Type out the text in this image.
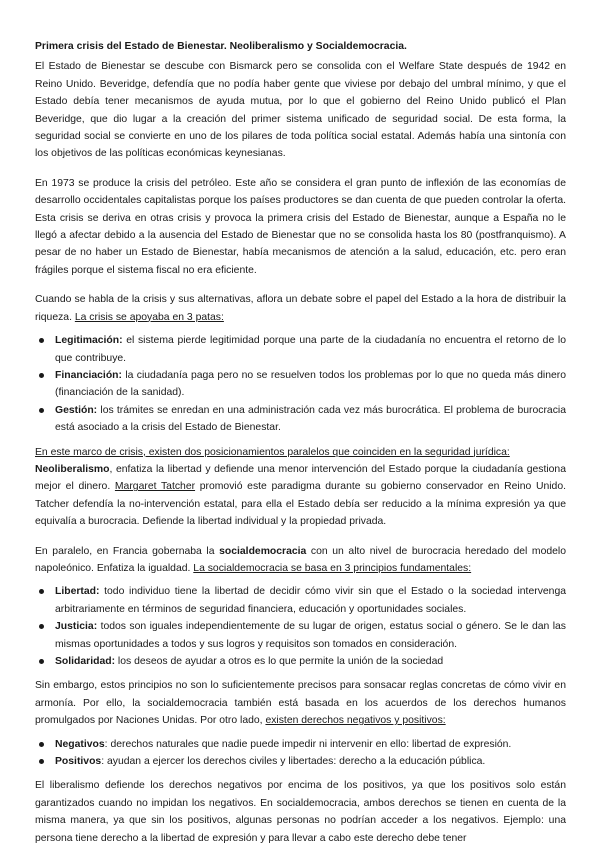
Primera crisis del Estado de Bienestar. Neoliberalismo y Socialdemocracia.

El Estado de Bienestar se descube con Bismarck pero se consolida con el Welfare State después de 1942 en Reino Unido. Beveridge, defendía que no podía haber gente que viviese por debajo del umbral mínimo, y que el Estado debía tener mecanismos de ayuda mutua, por lo que el gobierno del Reino Unido publicó el Plan Beveridge, que dio lugar a la creación del primer sistema unificado de seguridad social. De esta forma, la seguridad social se convierte en uno de los pilares de toda política social estatal. Además había una sintonía con los objetivos de las políticas económicas keynesianas.

En 1973 se produce la crisis del petróleo. Este año se considera el gran punto de inflexión de las economías de desarrollo occidentales capitalistas porque los países productores se dan cuenta de que pueden controlar la oferta. Esta crisis se deriva en otras crisis y provoca la primera crisis del Estado de Bienestar, aunque a España no le llegó a afectar debido a la ausencia del Estado de Bienestar que no se consolida hasta los 80 (postfranquismo). A pesar de no haber un Estado de Bienestar, había mecanismos de atención a la salud, educación, etc. pero eran frágiles porque el sistema fiscal no era eficiente.

Cuando se habla de la crisis y sus alternativas, aflora un debate sobre el papel del Estado a la hora de distribuir la riqueza. La crisis se apoyaba en 3 patas:

Legitimación: el sistema pierde legitimidad porque una parte de la ciudadanía no encuentra el retorno de lo que contribuye.
Financiación: la ciudadanía paga pero no se resuelven todos los problemas por lo que no queda más dinero (financiación de la sanidad).
Gestión: los trámites se enredan en una administración cada vez más burocrática. El problema de burocracia está asociado a la crisis del Estado de Bienestar.

En este marco de crisis, existen dos posicionamientos paralelos que coinciden en la seguridad jurídica:

Neoliberalismo, enfatiza la libertad y defiende una menor intervención del Estado porque la ciudadanía gestiona mejor el dinero. Margaret Tatcher promovió este paradigma durante su gobierno conservador en Reino Unido. Tatcher defendía la no-intervención estatal, para ella el Estado debía ser reducido a la mínima expresión ya que equivalía a burocracia. Defiende la libertad individual y la propiedad privada.

En paralelo, en Francia gobernaba la socialdemocracia con un alto nivel de burocracia heredado del modelo napoleónico. Enfatiza la igualdad. La socialdemocracia se basa en 3 principios fundamentales:

Libertad: todo individuo tiene la libertad de decidir cómo vivir sin que el Estado o la sociedad intervenga arbitrariamente en términos de seguridad financiera, educación y oportunidades sociales.
Justicia: todos son iguales independientemente de su lugar de origen, estatus social o género. Se le dan las mismas oportunidades a todos y sus logros y requisitos son tomados en consideración.
Solidaridad: los deseos de ayudar a otros es lo que permite la unión de la sociedad

Sin embargo, estos principios no son lo suficientemente precisos para sonsacar reglas concretas de cómo vivir en armonía. Por ello, la socialdemocracia también está basada en los acuerdos de los derechos humanos promulgados por Naciones Unidas. Por otro lado, existen derechos negativos y positivos:

Negativos: derechos naturales que nadie puede impedir ni intervenir en ello: libertad de expresión.
Positivos: ayudan a ejercer los derechos civiles y libertades: derecho a la educación pública.

El liberalismo defiende los derechos negativos por encima de los positivos, ya que los positivos solo están garantizados cuando no impidan los negativos. En socialdemocracia, ambos derechos se tienen en cuenta de la misma manera, ya que sin los positivos, algunas personas no podrían acceder a los negativos. Ejemplo: una persona tiene derecho a la libertad de expresión y para llevar a cabo este derecho debe tener
